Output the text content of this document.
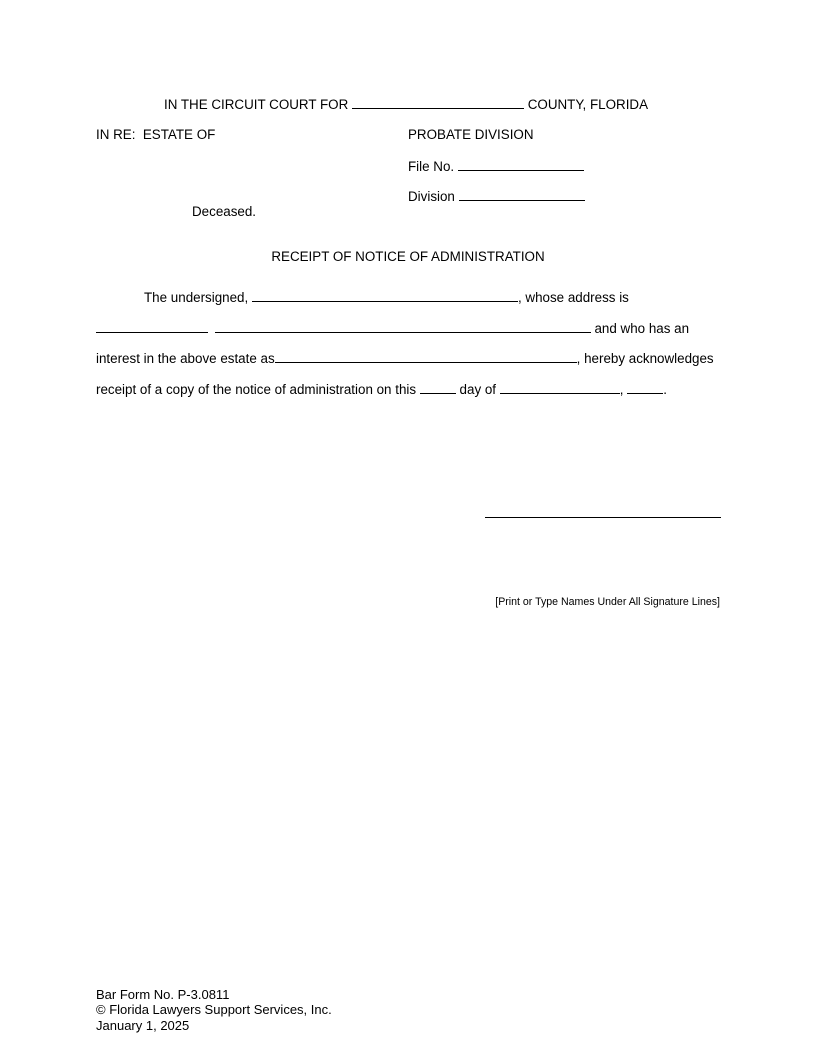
IN THE CIRCUIT COURT FOR	COUNTY, FLORIDA
IN RE:  ESTATE OF
Deceased.
PROBATE DIVISION
File No.
Division
RECEIPT OF NOTICE OF ADMINISTRATION
The undersigned,	, whose address is
and who has an
interest in the above estate as	, hereby acknowledges
receipt of a copy of the notice of administration on this	day of	,	.
[Print or Type Names Under All Signature Lines]
Bar Form No. P-3.0811
© Florida Lawyers Support Services, Inc.
January 1, 2025
